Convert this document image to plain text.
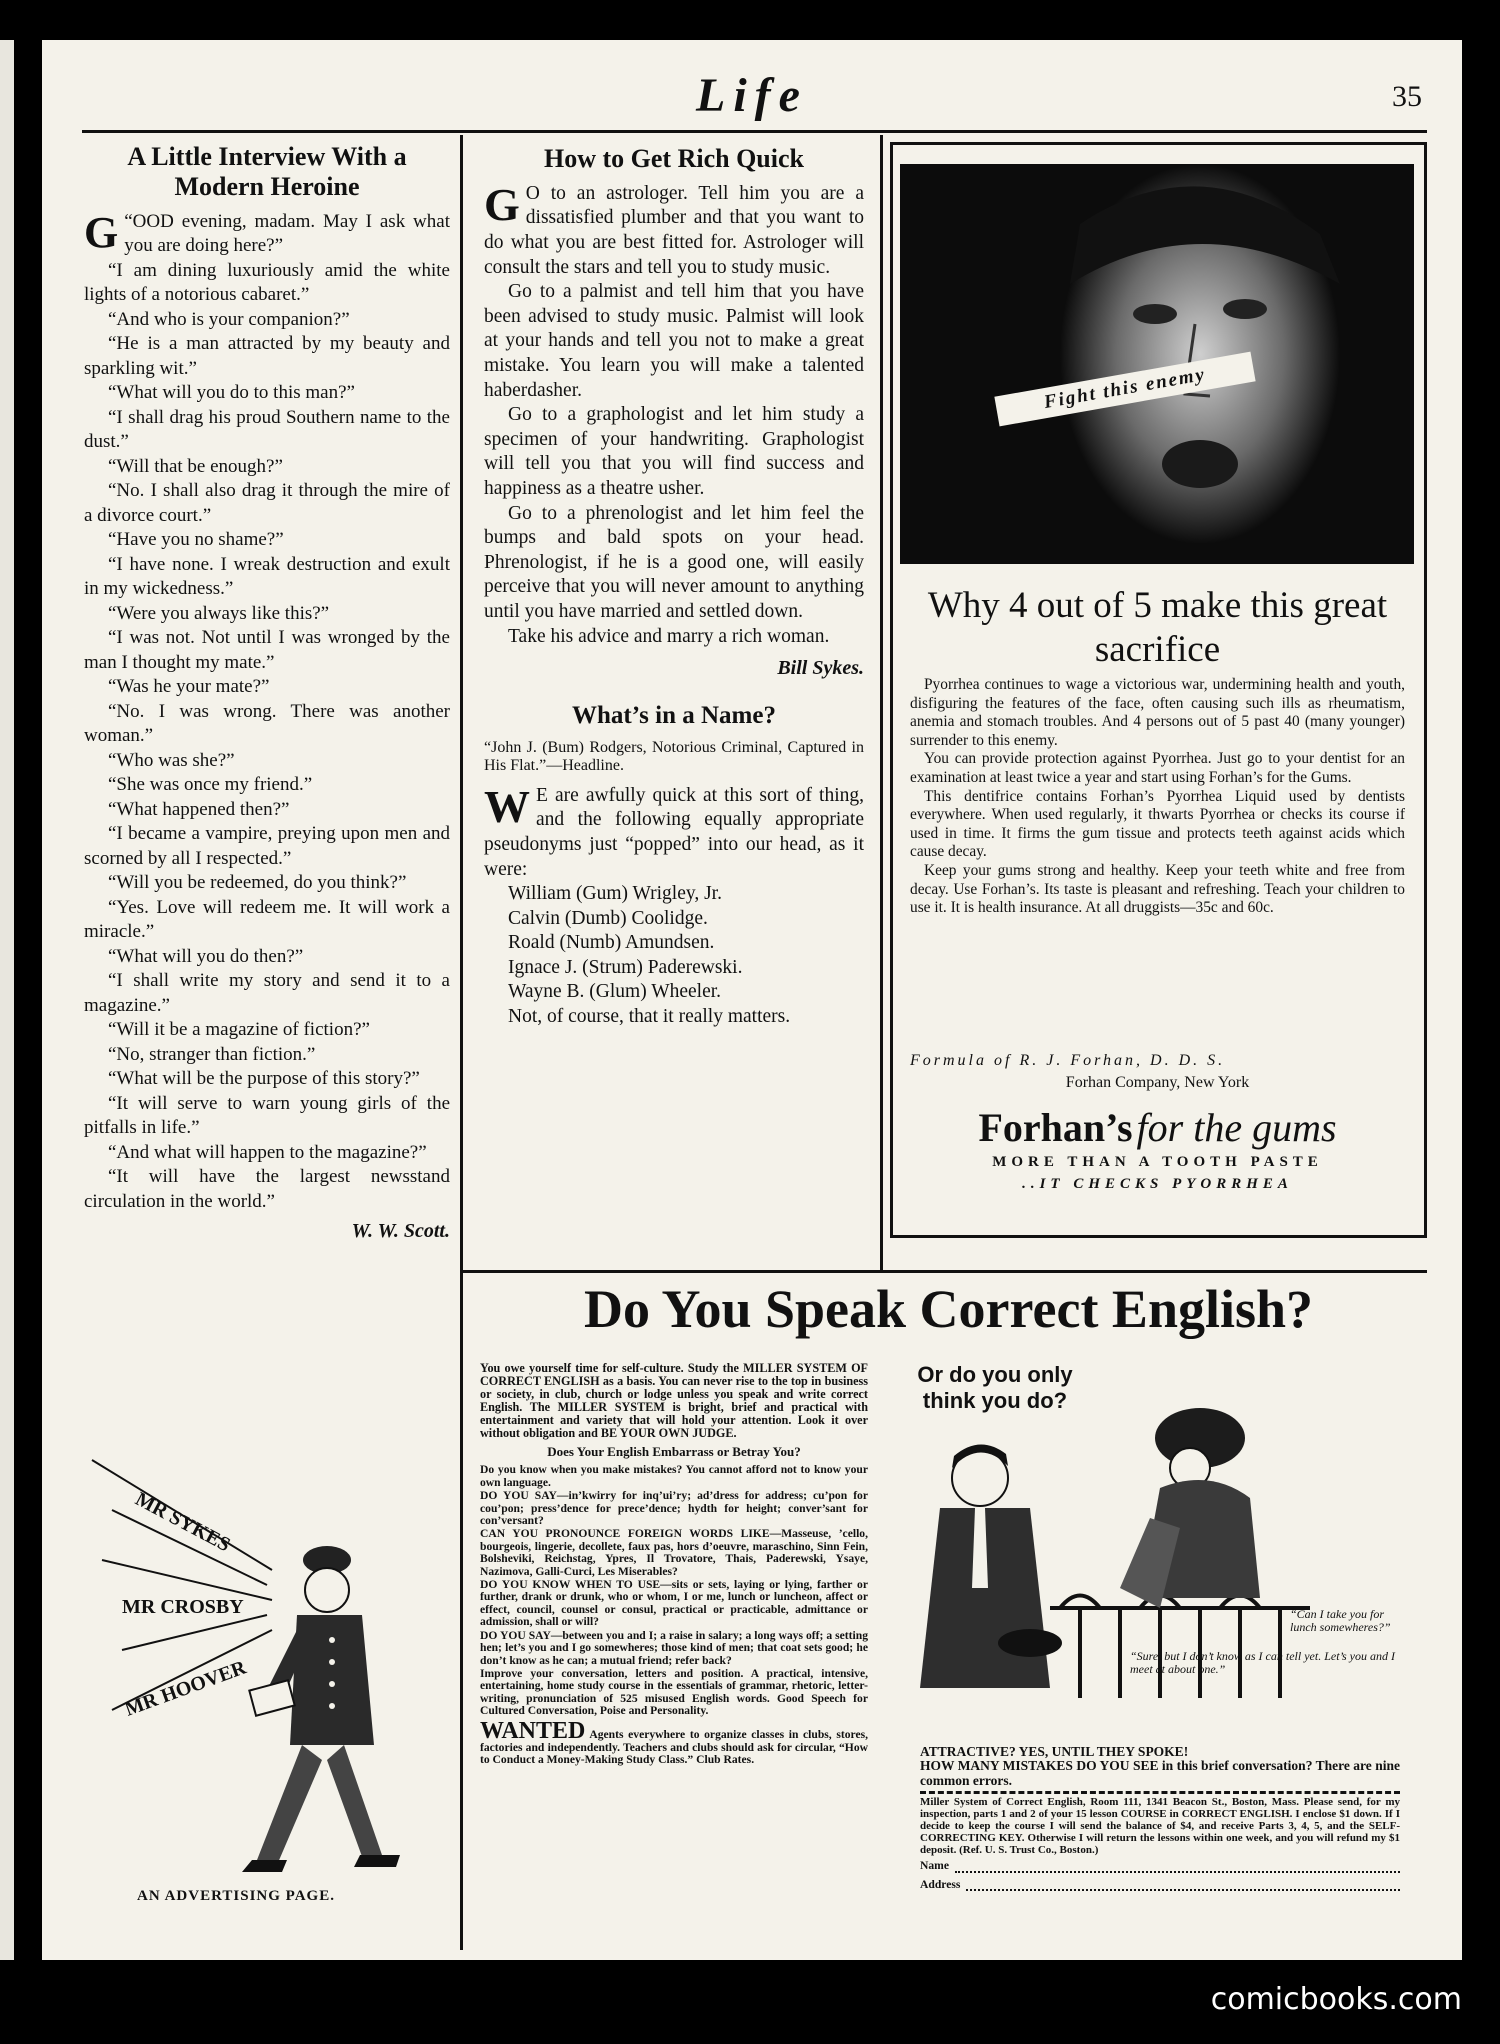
Life	35
A Little Interview With a Modern Heroine

G “OOD evening, madam. May I ask what you are doing here?”

“I am dining luxuriously amid the white lights of a notorious cabaret.”

“And who is your companion?”

“He is a man attracted by my beauty and sparkling wit.”

“What will you do to this man?”

“I shall drag his proud Southern name to the dust.”

“Will that be enough?”

“No. I shall also drag it through the mire of a divorce court.”

“Have you no shame?”

“I have none. I wreak destruction and exult in my wickedness.”

“Were you always like this?”

“I was not. Not until I was wronged by the man I thought my mate.”

“Was he your mate?”

“No. I was wrong. There was another woman.”

“Who was she?”

“She was once my friend.”

“What happened then?”

“I became a vampire, preying upon men and scorned by all I respected.”

“Will you be redeemed, do you think?”

“Yes. Love will redeem me. It will work a miracle.”

“What will you do then?”

“I shall write my story and send it to a magazine.”

“Will it be a magazine of fiction?”

“No, stranger than fiction.”

“What will be the purpose of this story?”

“It will serve to warn young girls of the pitfalls in life.”

“And what will happen to the magazine?”

“It will have the largest newsstand circulation in the world.”

W. W. Scott.
MR SYKES
MR CROSBY
MR HOOVER
AN ADVERTISING PAGE.
How to Get Rich Quick

G O to an astrologer. Tell him you are a dissatisfied plumber and that you want to do what you are best fitted for. Astrologer will consult the stars and tell you to study music.

Go to a palmist and tell him that you have been advised to study music. Palmist will look at your hands and tell you not to make a great mistake. You learn you will make a talented haberdasher.

Go to a graphologist and let him study a specimen of your handwriting. Graphologist will tell you that you will find success and happiness as a theatre usher.

Go to a phrenologist and let him feel the bumps and bald spots on your head. Phrenologist, if he is a good one, will easily perceive that you will never amount to anything until you have married and settled down.

Take his advice and marry a rich woman.

Bill Sykes.
What’s in a Name?
“John J. (Bum) Rodgers, Notorious Criminal, Captured in His Flat.”—Headline.

W E are awfully quick at this sort of thing, and the following equally appropriate pseudonyms just “popped” into our head, as it were:

William (Gum) Wrigley, Jr.

Calvin (Dumb) Coolidge.

Roald (Numb) Amundsen.

Ignace J. (Strum) Paderewski.

Wayne B. (Glum) Wheeler.

Not, of course, that it really matters.

Fight this enemy
Why 4 out of 5 make this great sacrifice

Pyorrhea continues to wage a victorious war, undermining health and youth, disfiguring the features of the face, often causing such ills as rheumatism, anemia and stomach troubles. And 4 persons out of 5 past 40 (many younger) surrender to this enemy.

You can provide protection against Pyorrhea. Just go to your dentist for an examination at least twice a year and start using Forhan’s for the Gums.

This dentifrice contains Forhan’s Pyorrhea Liquid used by dentists everywhere. When used regularly, it thwarts Pyorrhea or checks its course if used in time. It firms the gum tissue and protects teeth against acids which cause decay.

Keep your gums strong and healthy. Keep your teeth white and free from decay. Use Forhan’s. Its taste is pleasant and refreshing. Teach your children to use it. It is health insurance. At all druggists—35c and 60c.

Formula of R. J. Forhan, D. D. S.
Forhan Company, New York
Forhan’s for the gums
MORE THAN A TOOTH PASTE
..IT CHECKS PYORRHEA
Do You Speak Correct English?

You owe yourself time for self-culture. Study the MILLER SYSTEM OF CORRECT ENGLISH as a basis. You can never rise to the top in business or society, in club, church or lodge unless you speak and write correct English. The MILLER SYSTEM is bright, brief and practical with entertainment and variety that will hold your attention. Look it over without obligation and BE YOUR OWN JUDGE.

Does Your English Embarrass or Betray You?

Do you know when you make mistakes? You cannot afford not to know your own language.

DO YOU SAY—in’kwirry for inq’ui’ry; ad’dress for address; cu’pon for cou’pon; press’dence for prece’dence; hydth for height; conver’sant for con’versant?

CAN YOU PRONOUNCE FOREIGN WORDS LIKE—Masseuse, ’cello, bourgeois, lingerie, decollete, faux pas, hors d’oeuvre, maraschino, Sinn Fein, Bolsheviki, Reichstag, Ypres, Il Trovatore, Thais, Paderewski, Ysaye, Nazimova, Galli-Curci, Les Miserables?

DO YOU KNOW WHEN TO USE—sits or sets, laying or lying, farther or further, drank or drunk, who or whom, I or me, lunch or luncheon, affect or effect, council, counsel or consul, practical or practicable, admittance or admission, shall or will?

DO YOU SAY—between you and I; a raise in salary; a long ways off; a setting hen; let’s you and I go somewheres; those kind of men; that coat sets good; he don’t know as he can; a mutual friend; refer back?

Improve your conversation, letters and position. A practical, intensive, entertaining, home study course in the essentials of grammar, rhetoric, letter-writing, pronunciation of 525 misused English words. Good Speech for Cultured Conversation, Poise and Personality.

WANTED Agents everywhere to organize classes in clubs, stores, factories and independently. Teachers and clubs should ask for circular, “How to Conduct a Money-Making Study Class.” Club Rates.
Or do you only think you do?
“Can I take you for lunch somewheres?”
“Sure, but I don’t know as I can tell yet. Let’s you and I meet at about one.”

ATTRACTIVE? YES, UNTIL THEY SPOKE!

HOW MANY MISTAKES DO YOU SEE in this brief conversation? There are nine common errors.

Miller System of Correct English, Room 111, 1341 Beacon St., Boston, Mass. Please send, for my inspection, parts 1 and 2 of your 15 lesson COURSE in CORRECT ENGLISH. I enclose $1 down. If I decide to keep the course I will send the balance of $4, and receive Parts 3, 4, 5, and the SELF-CORRECTING KEY. Otherwise I will return the lessons within one week, and you will refund my $1 deposit. (Ref. U. S. Trust Co., Boston.)

Name
Address
comicbooks.com
